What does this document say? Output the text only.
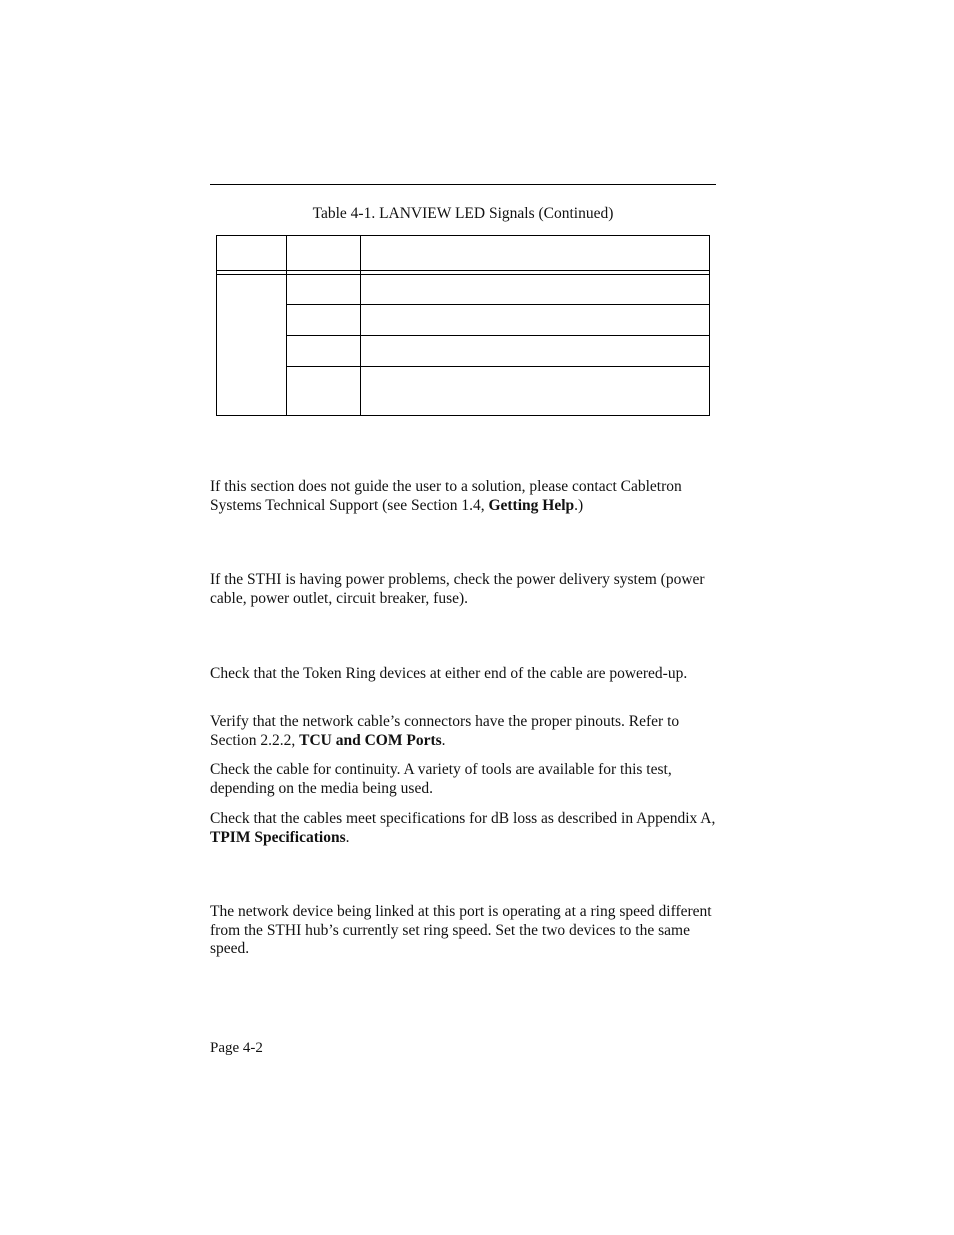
Table 4-1. LANVIEW LED Signals (Continued)

If this section does not guide the user to a solution, please contact Cabletron Systems Technical Support (see Section 1.4, Getting Help.)

If the STHI is having power problems, check the power delivery system (power cable, power outlet, circuit breaker, fuse).

Check that the Token Ring devices at either end of the cable are powered-up.

Verify that the network cable’s connectors have the proper pinouts. Refer to Section 2.2.2, TCU and COM Ports.

Check the cable for continuity. A variety of tools are available for this test, depending on the media being used.

Check that the cables meet specifications for dB loss as described in Appendix A, TPIM Specifications.

The network device being linked at this port is operating at a ring speed different from the STHI hub’s currently set ring speed. Set the two devices to the same speed.

Page 4-2
